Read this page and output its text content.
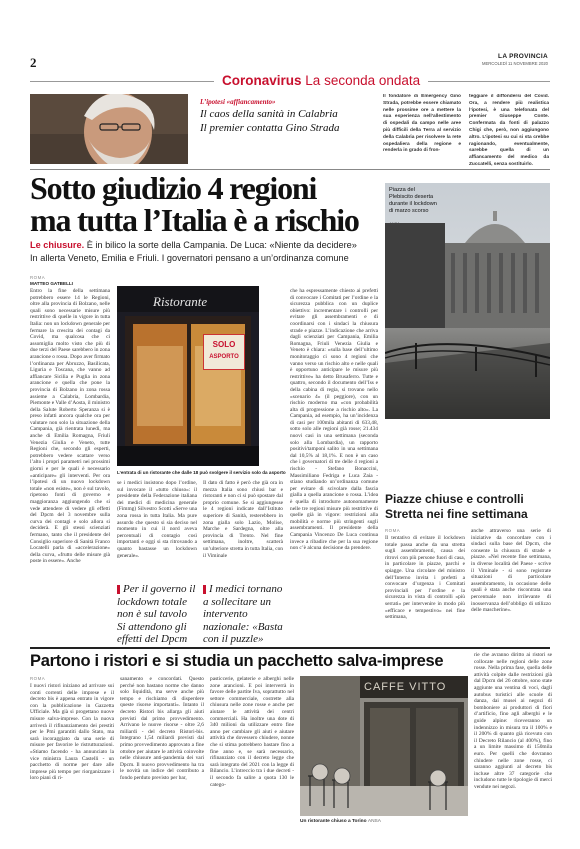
2	LA PROVINCIA
MERCOLEDÌ 11 NOVEMBRE 2020
Coronavirus La seconda ondata
L’ipotesi «affiancamento»
Il caos della sanità in Calabria
Il premier contatta Gino Strada
Il fondatore di Emergency Gino Strada, potrebbe essere chiamato nelle prossime ore a mettere la sua esperienza nell’allestimento di ospedali da campo nelle aree più difficili della Terra al servizio della Calabria per risolvere la rete ospedaliera della regione e renderla in grado di fron-
teggiare il diffondersi del Covid. Ora, a rendere più realistica l’ipotesi, è una telefonata del premier Giuseppe Conte. Confermata da fonti di palazzo Chigi che, però, non aggiungono altro. L’ipotesi su cui si sta crebbe ragionando, eventualmente, sarebbe quella di un affiancamento del medico da Zuccatelli, senza sostituirlo.
Sotto giudizio 4 regioni
ma tutta l’Italia è a rischio
Piazza del Plebiscito deserta durante il lockdown di marzo scorso
ANSA
Le chiusure. È in bilico la sorte della Campania. De Luca: «Niente da decidere»
In allerta Veneto, Emilia e Friuli. I governatori pensano a un’ordinanza comune
ROMA
MATTEO GATBELLI
Entro la fine della settimana potrebbero essere 14 le Regioni, oltre alla provincia di Bolzano, nelle quali sono necessarie misure più restrittive di quelle in vigore in tutta Italia: non un lockdown generale per fermare la crescita dei contagi da Covid, ma qualcosa che ci assomiglia molto visto che più di due terzi del Paese sarebbero in zona arancione o rossa. Dopo aver firmato l’ordinanza per Abruzzo, Basilicata, Liguria e Toscana, che vanno ad affiancare Sicilia e Puglia in zona arancione e quella che pone la provincia di Bolzano in zona rossa assieme a Calabria, Lombardia, Piemonte e Valle d’Aosta, il ministro della Salute Roberto Speranza si è preso infatti ancora qualche ora per valutare non solo la situazione della Campania, già rientrata lunedì, ma anche di Emilia Romagna, Friuli Venezia Giulia e Veneto, tutte Regioni che, secondo gli esperti, potrebbero vedere scattare verso l’alto i propri parametri nei prossimi giorni e per le quali è necessario «anticipare» gli interventi. Per ora l’ipotesi di un nuovo lockdown totale «non esiste», non è sul tavolo, ripetono fonti di governo e maggioranza aggiungendo che si vede attendere di vedere gli effetti del Dpcm del 3 novembre sulla curva dei contagi e solo allora si deciderà. E gli stessi scienziati fermano, tanto che il presidente del Consiglio superiore di Sanità Franco Locatelli parla di «accelerazione» della curva, «frutto delle misure già poste in essere». Anche
Ristorante
SOLO
ASPORTO
L’entrata di un ristorante che dalle 18 può svolgere il servizio solo da asporto
se i medici insistono dopo l’ordine, sul invocare il «tutto chiuso»: il presidente della Federazione italiana dei medici di medicina generale (Fimmg) Silvestro Scotti «Serve una zona rossa in tutta Italia. Ma pure assurdo che questo si sia deciso nel momento in cui il nord aveva percentuali di contagio così importanti e oggi si sta ritrovando a quanto bastasse un lockdown generale».
Il dato di fatto è però che già ora in mezza Italia sono chiusi bar e ristoranti e non ci si può spostare dal proprio comune. Se si aggiungesse le 4 regioni indicate dall’Istituto superiore di Sanità, resterebbero in zona gialla solo Lazio, Molise, Marche e Sardegna, oltre alla provincia di Trento. Nel fine settimana, inoltre, scatterà un’ulteriore stretta in tutta Italia, con il Viminale
Per il governo il lockdown totale non è sul tavolo Si attendono gli effetti del Dpcm
I medici tornano a sollecitare un intervento nazionale: «Basta con il puzzle»
che ha espressamente chiesto ai prefetti di convocare i Comitati per l’ordine e la sicurezza pubblica con un duplice obiettivo: incrementare i controlli per evitare gli assembramenti e di coordinarsi con i sindaci la chiusura strade e piazze. L’indicazione che arriva dagli scienziati per Campania, Emilia Romagna, Friuli Venezia Giulia e Veneto è chiara: «sulla base dell’ultimo monitoraggio ci sono 4 regioni che vanno verso un rischio alto e nelle quali è opportuno anticipare le misure più restrittive» ha detto Brusaferro. Tutte e quattro, secondo il documento dell’Iss e della cabina di regia, si trovano nello «scenario 4» (il peggiore), con un rischio moderno ma «con probabilità alta di progressione a rischio alto». La Campania, ad esempio, ha un’incidenza di casi per 100mila abitanti di 633,48, sotto solo alle regioni già rosse; 21.434 nuovi casi in una settimana (seconda solo alla Lombardia), un rapporto positivi/tamponi salito in una settimana dal 10,5% al 18,1%. E non è un caso che i governatori di tre delle 4 regioni a rischio - Stefano Bonaccini, Massimiliano Fedriga e Luca Zaia - stiano studiando un’ordinanza comune per evitare di scivolare dalla fascia gialla a quella arancione o rossa. L’idea è quella di introdurre autonomamente nelle tre regioni misure più restrittive di quelle già in vigore: restrizioni alla mobilità e norme più stringenti sugli assembramenti. Il presidente della Campania Vincenzo De Luca continua invece a ribadire che per la sua regione non c’è alcuna decisione da prendere.
Piazze chiuse e controlli
Stretta nei fine settimana
ROMA
Il tentativo di evitare il lockdown totale passa anche da una stretta sugli assembramenti, causa dei ritrovi con più persone fuori di casa, in particolare in piazze, parchi e spiagge. Una circolare del ministro dell’Interno invita i prefetti a convocare d’urgenza i Comitati provinciali per l’ordine e la sicurezza in vista di controlli «più serrati» per intervenire in modo più «efficace e tempestivo» nei fine settimana,
anche attraverso una serie di iniziative da concordare con i sindaci sulla base del Dpcm, che consente la chiusura di strade e piazze. «Nel recente fine settimana, in diverse località del Paese - scrive il Viminale - si sono registrate situazioni di particolare assembramento, in occasione delle quali è stata anche riscontrata una percentuale non irrilevante di inosservanza dell’obbligo di utilizzo delle mascherine».
Partono i ristori e si studia un pacchetto salva-imprese
ROMA
I nuovi ristori iniziano ad arrivare sui conti correnti delle imprese e il decreto bis è appena entrato in vigore con la pubblicazione in Gazzetta Ufficiale. Ma già si progettano nuove misure salva-imprese. Con la nuova arriverà il rifinanziamento dei prestiti per le Pmi garantiti dallo Stato, ma sarà incoraggiato da una serie di misure per favorire le ristrutturazioni. «Stiamo facendo - ha annunciato la vice ministra Laura Castelli - un pacchetto di norme per dare alle imprese più tempo per riorganizzare i loro piani di ri-
sanamento e concordati. Questo perché non bastano norme che danno solo liquidità, ma serve anche più tempo e rischiamo di disperdere queste risorse importanti». Intanto il decreto Ristori bis allarga gli aiuti previsti dal primo provvedimento. Arrivano le nuove risorse - oltre 2,6 miliardi - del decreto Ristori-bis. Integrano 1,54 miliardi previsti dal primo provvedimento approvato a fine ottobre per aiutare le attività coinvolte nelle chiusure anti-pandemia dei vari Dpcm. Il nuovo provvedimento ha tra le novità un indice del contributo a fondo perduto previsto per bar,
pasticcerie, gelaterie e alberghi nelle zone arancioni. E poi interverrà in favore delle partite Iva, soprattutto nel settore commerciale, costrette alla chiusura nelle zone rosse e anche per aiutare le attività dei centri commerciali. Ha inoltre una dote di 340 milioni da utilizzare entro fine anno per cambiare gli aiuti e aiutare attività che dovessero chiudere, nonne che si stima potrebbero bastare fino a fine anno e, se sarà necessario, rifinanziato con il decreto legge che sarà integrato del 2021 con la legge di Bilancio. L’intreccio tra i due decreti - il secondo fa salire a quota 130 le catego-
CAFFE VITTO
Un ristorante chiuso a Torino ANSA
rie che avranno diritto ai ristori se collocate nelle regioni delle zone rosse. Nella prima fase, quella delle attività colpite dalle restrizioni già dal Dpcm del 26 ottobre, sono state aggiunte una ventina di voci, dagli autobus turistici alle scuole di danza, dai musei ai negozi di bomboniere ai produttori di fiori d’artificio, fino agli alberghi e le guide alpine: riceveranno un indennizzo in misura tra il 100% e il 200% di quanto già ricevuto con il Decreto Rilancio (al 400%), fino a un limite massimo di 150mila euro. Per quelli che dovranno chiudere nelle zone rosse, ci saranno aggiunti al decreto bis incluse altre 37 categorie che includono tutte le tipologie di merci vendute nei negozi.
